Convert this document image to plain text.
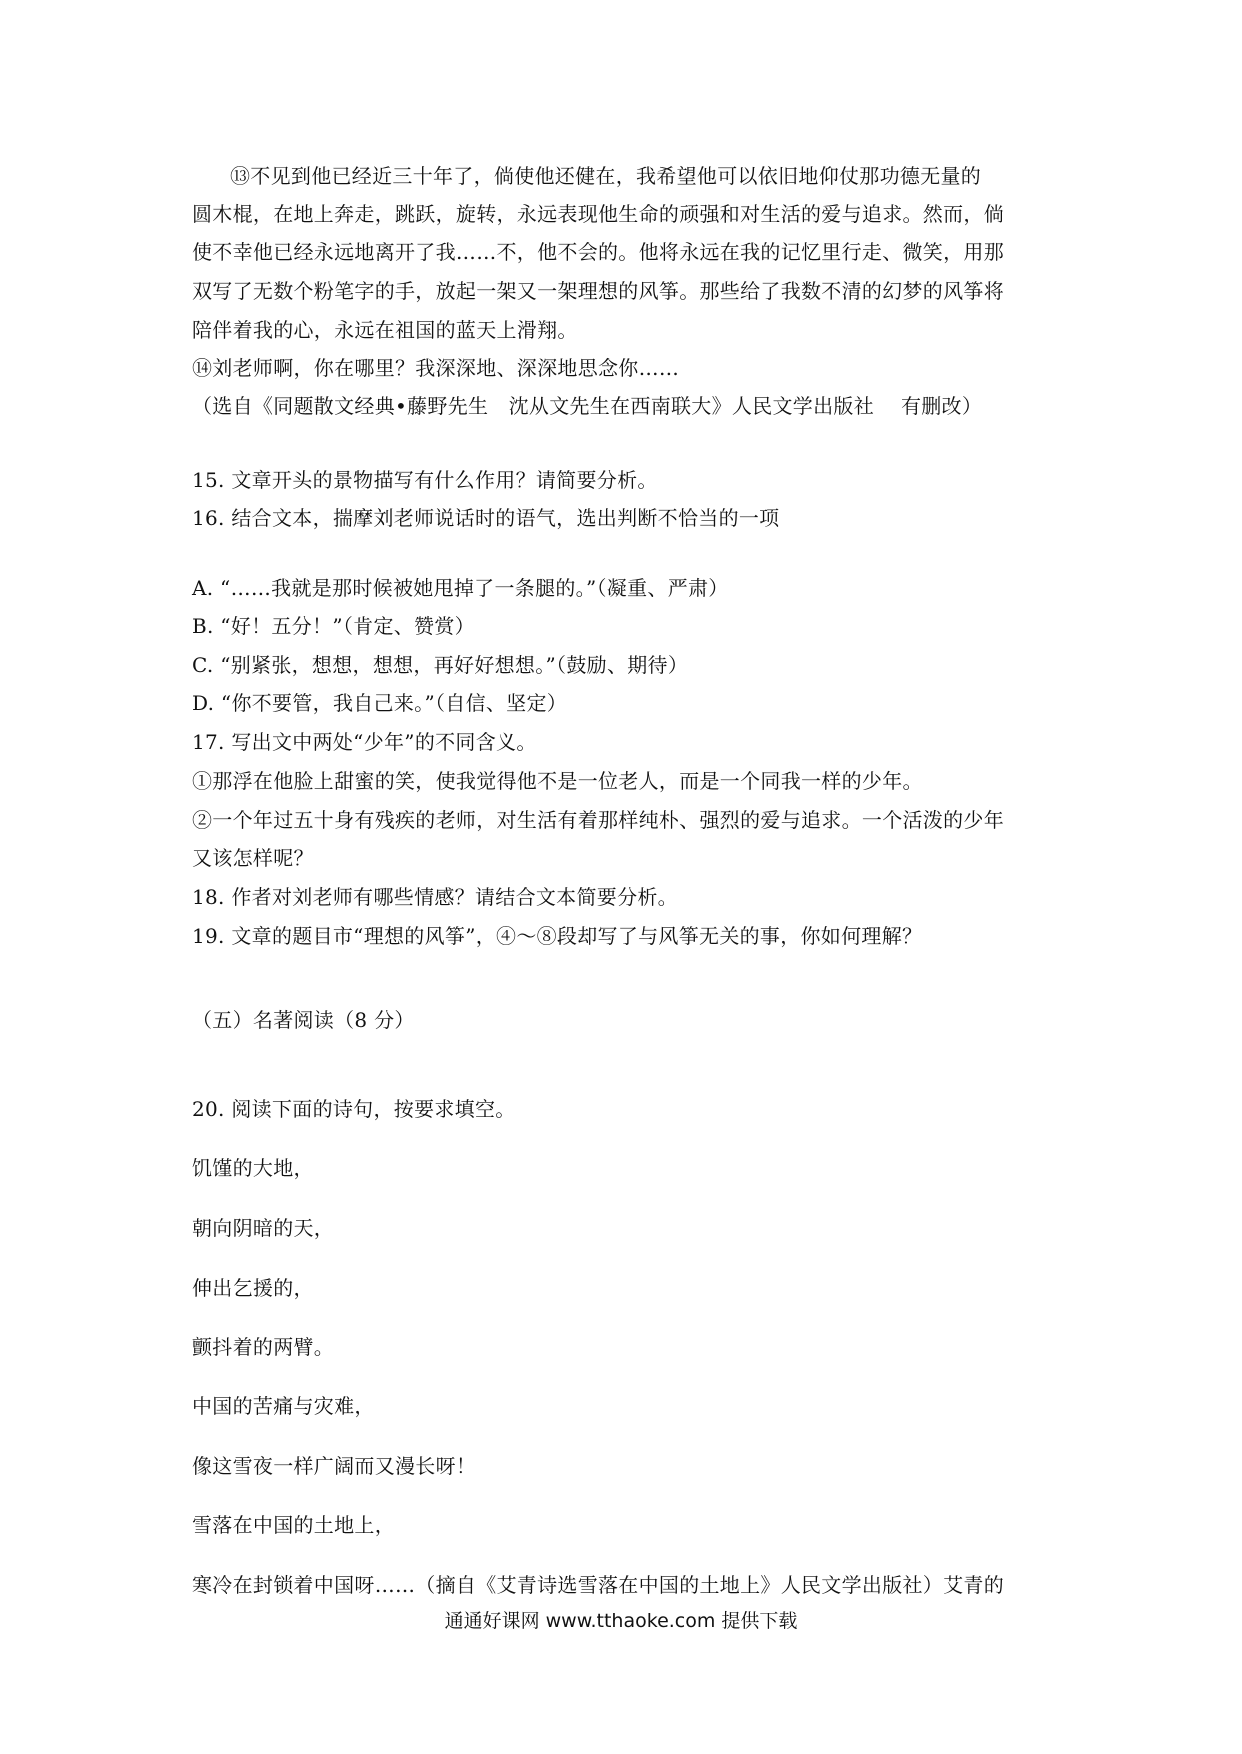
⑬不见到他已经近三十年了，倘使他还健在，我希望他可以依旧地仰仗那功德无量的
圆木棍，在地上奔走，跳跃，旋转，永远表现他生命的顽强和对生活的爱与追求。然而，倘
使不幸他已经永远地离开了我……不，他不会的。他将永远在我的记忆里行走、微笑，用那
双写了无数个粉笔字的手，放起一架又一架理想的风筝。那些给了我数不清的幻梦的风筝将
陪伴着我的心，永远在祖国的蓝天上滑翔。
⑭刘老师啊，你在哪里？我深深地、深深地思念你……
（选自《同题散文经典•藤野先生　沈从文先生在西南联大》人民文学出版社　 有删改）
15. 文章开头的景物描写有什么作用？请简要分析。
16. 结合文本，揣摩刘老师说话时的语气，选出判断不恰当的一项
A. “……我就是那时候被她甩掉了一条腿的。”（凝重、严肃）
B. “好！五分！”（肯定、赞赏）
C. “别紧张，想想，想想，再好好想想。”（鼓励、期待）
D. “你不要管，我自己来。”（自信、坚定）
17. 写出文中两处“少年”的不同含义。
①那浮在他脸上甜蜜的笑，使我觉得他不是一位老人，而是一个同我一样的少年。
②一个年过五十身有残疾的老师，对生活有着那样纯朴、强烈的爱与追求。一个活泼的少年
又该怎样呢？
18. 作者对刘老师有哪些情感？请结合文本简要分析。
19. 文章的题目市“理想的风筝”，④～⑧段却写了与风筝无关的事，你如何理解？
（五）名著阅读（8 分）
20. 阅读下面的诗句，按要求填空。
饥馑的大地，
朝向阴暗的天，
伸出乞援的，
颤抖着的两臂。
中国的苦痛与灾难，
像这雪夜一样广阔而又漫长呀！
雪落在中国的土地上，
寒冷在封锁着中国呀……（摘自《艾青诗选雪落在中国的土地上》人民文学出版社）艾青的
通通好课网 www.tthaoke.com 提供下载
